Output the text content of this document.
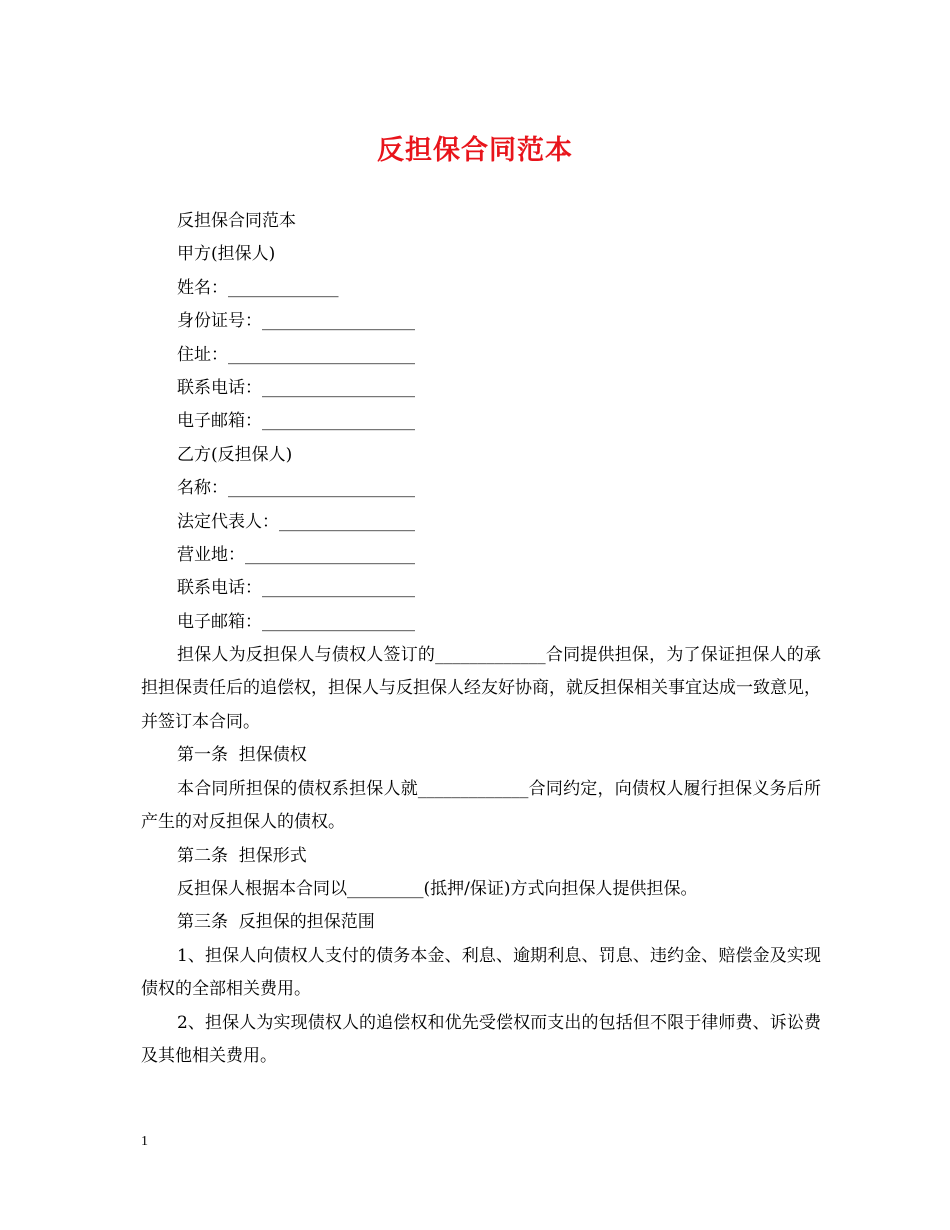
反担保合同范本
反担保合同范本
甲方(担保人)
姓名：_____________
身份证号：__________________
住址：______________________
联系电话：__________________
电子邮箱：__________________
乙方(反担保人)
名称：______________________
法定代表人：________________
营业地：____________________
联系电话：__________________
电子邮箱：__________________
担保人为反担保人与债权人签订的_____________合同提供担保，为了保证担保人的承担担保责任后的追偿权，担保人与反担保人经友好协商，就反担保相关事宜达成一致意见，并签订本合同。
第一条  担保债权
本合同所担保的债权系担保人就_____________合同约定，向债权人履行担保义务后所产生的对反担保人的债权。
第二条  担保形式
反担保人根据本合同以_________(抵押/保证)方式向担保人提供担保。
第三条  反担保的担保范围
1、担保人向债权人支付的债务本金、利息、逾期利息、罚息、违约金、赔偿金及实现债权的全部相关费用。
2、担保人为实现债权人的追偿权和优先受偿权而支出的包括但不限于律师费、诉讼费及其他相关费用。
1
